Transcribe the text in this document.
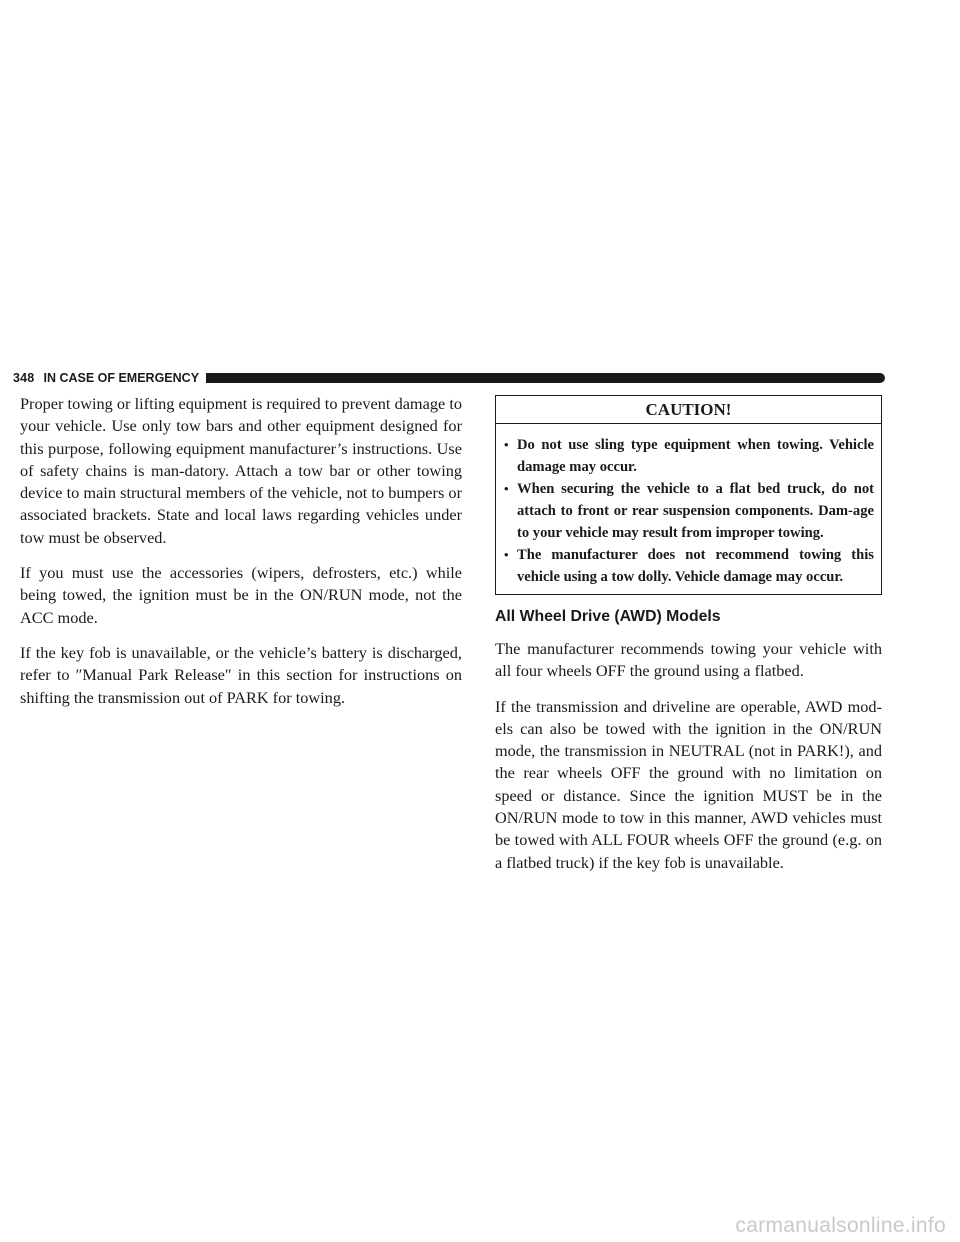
348 IN CASE OF EMERGENCY

Proper towing or lifting equipment is required to prevent damage to your vehicle. Use only tow bars and other equipment designed for this purpose, following equipment manufacturer’s instructions. Use of safety chains is man-datory. Attach a tow bar or other towing device to main structural members of the vehicle, not to bumpers or associated brackets. State and local laws regarding vehicles under tow must be observed.

If you must use the accessories (wipers, defrosters, etc.) while being towed, the ignition must be in the ON/RUN mode, not the ACC mode.

If the key fob is unavailable, or the vehicle’s battery is discharged, refer to ″Manual Park Release″ in this section for instructions on shifting the transmission out of PARK for towing.

CAUTION!
• Do not use sling type equipment when towing. Vehicle damage may occur.
• When securing the vehicle to a flat bed truck, do not attach to front or rear suspension components. Dam-age to your vehicle may result from improper towing.
• The manufacturer does not recommend towing this vehicle using a tow dolly. Vehicle damage may occur.
All Wheel Drive (AWD) Models

The manufacturer recommends towing your vehicle with all four wheels OFF the ground using a flatbed.

If the transmission and driveline are operable, AWD mod-els can also be towed with the ignition in the ON/RUN mode, the transmission in NEUTRAL (not in PARK!), and the rear wheels OFF the ground with no limitation on speed or distance. Since the ignition MUST be in the ON/RUN mode to tow in this manner, AWD vehicles must be towed with ALL FOUR wheels OFF the ground (e.g. on a flatbed truck) if the key fob is unavailable.

carmanualsonline.info
